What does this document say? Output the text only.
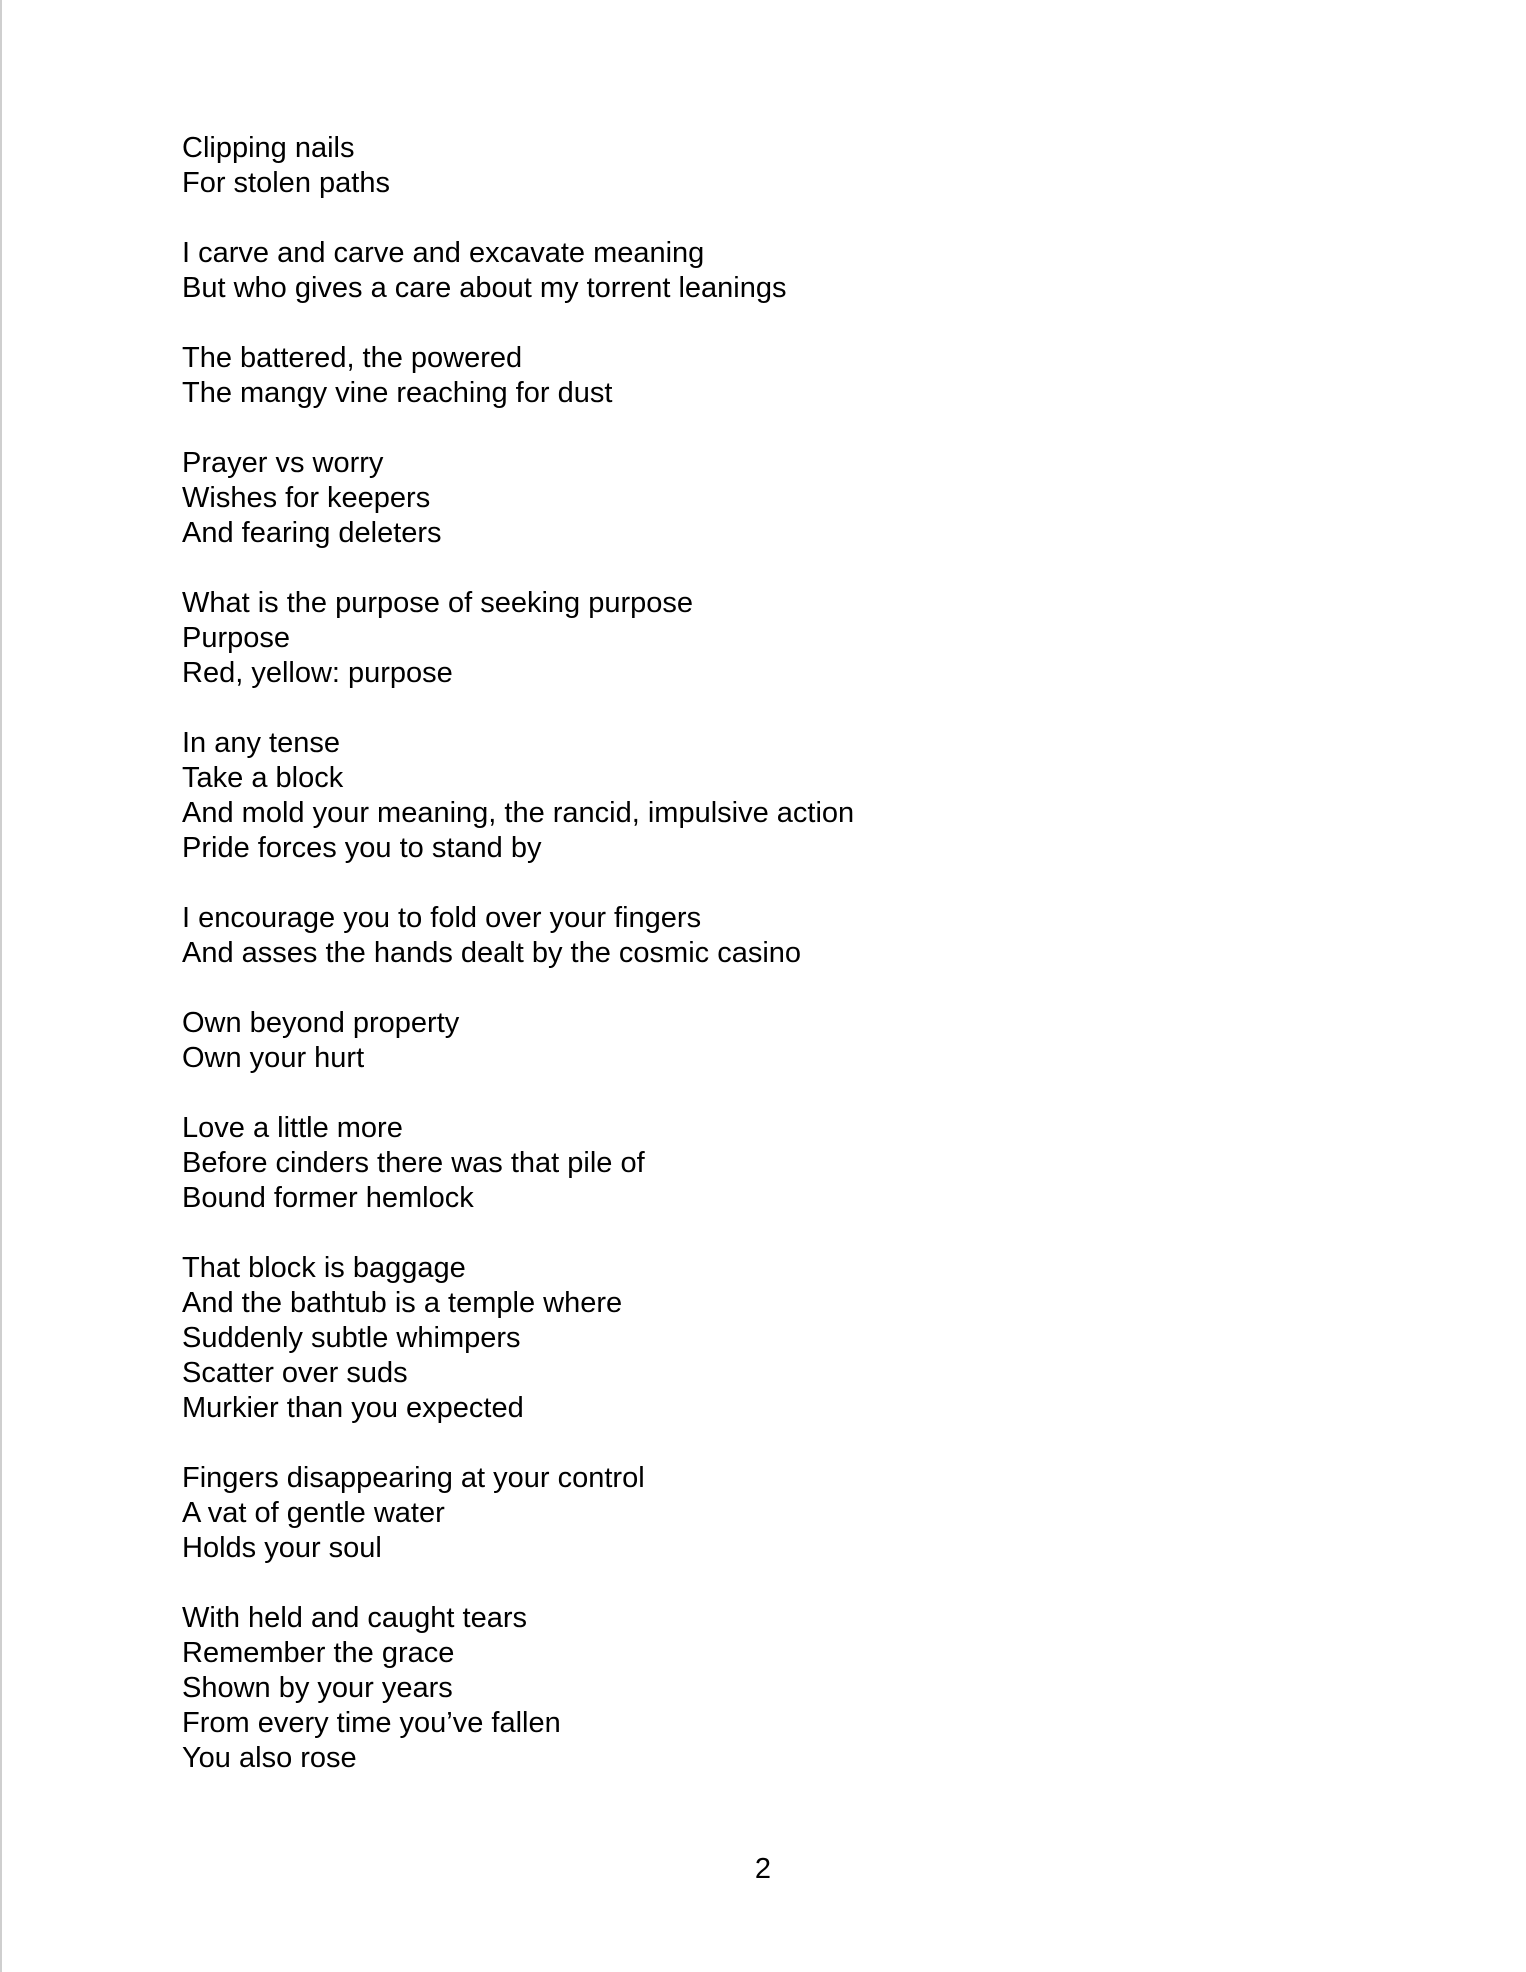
Clipping nails
For stolen paths
I carve and carve and excavate meaning
But who gives a care about my torrent leanings
The battered, the powered
The mangy vine reaching for dust
Prayer vs worry
Wishes for keepers
And fearing deleters
What is the purpose of seeking purpose
Purpose
Red, yellow: purpose
In any tense
Take a block
And mold your meaning, the rancid, impulsive action
Pride forces you to stand by
I encourage you to fold over your fingers
And asses the hands dealt by the cosmic casino
Own beyond property
Own your hurt
Love a little more
Before cinders there was that pile of
Bound former hemlock
That block is baggage
And the bathtub is a temple where
Suddenly subtle whimpers
Scatter over suds
Murkier than you expected
Fingers disappearing at your control
A vat of gentle water
Holds your soul
With held and caught tears
Remember the grace
Shown by your years
From every time you’ve fallen
You also rose
2
